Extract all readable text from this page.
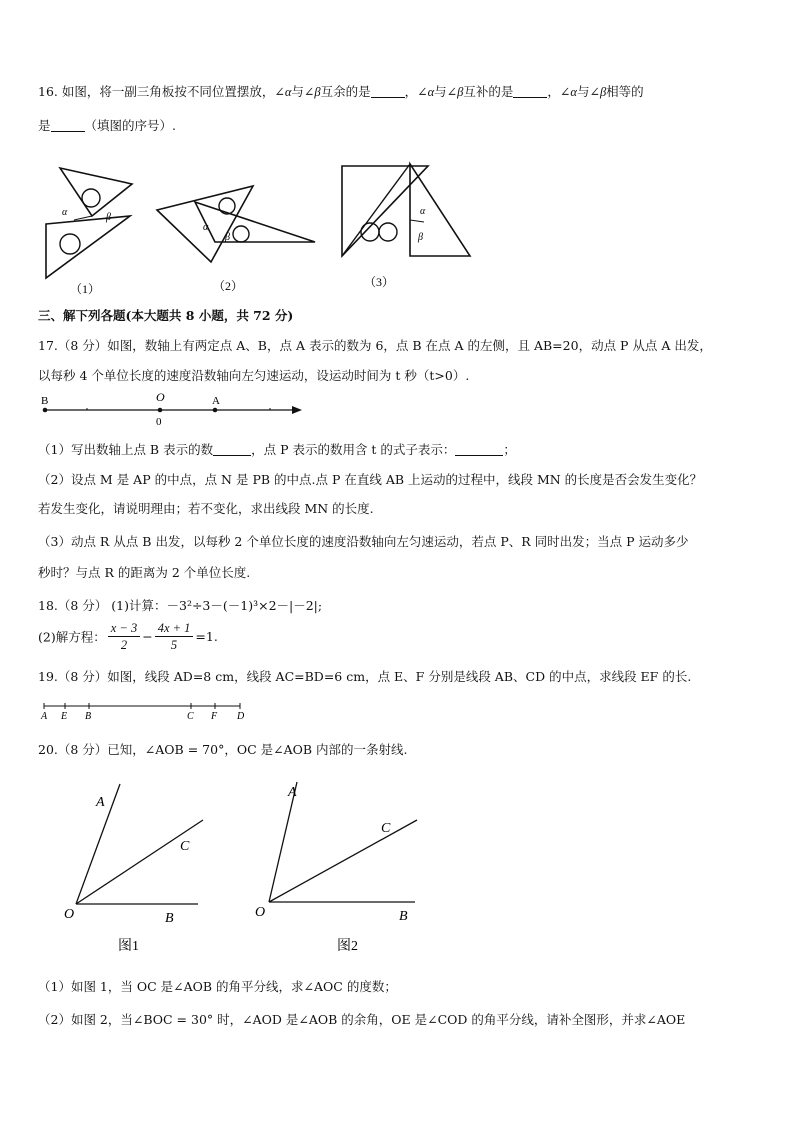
16. 如图，将一副三角板按不同位置摆放，∠α与∠β互余的是	，∠α与∠β互补的是	，∠α与∠β相等的
是	（填图的序号）.
α	β
（1）
α
β
（2）
α
β
（3）
三、解下列各题(本大题共 8 小题，共 72 分)
17.（8 分）如图，数轴上有两定点 A、B，点 A 表示的数为 6，点 B 在点 A 的左侧，且 AB=20，动点 P 从点 A 出发，
以每秒 4 个单位长度的速度沿数轴向左匀速运动，设运动时间为 t 秒（t>0）.
B	O
0
A
（1）写出数轴上点 B 表示的数	，点 P 表示的数用含 t 的式子表示：	；
（2）设点 M 是 AP 的中点，点 N 是 PB 的中点.点 P 在直线 AB 上运动的过程中，线段 MN 的长度是否会发生变化？
若发生变化，请说明理由；若不变化，求出线段 MN 的长度.
（3）动点 R 从点 B 出发，以每秒 2 个单位长度的速度沿数轴向左匀速运动，若点 P、R 同时出发；当点 P 运动多少
秒时？与点 R 的距离为 2 个单位长度.
18.（8 分） (1)计算：－3²÷3－(－1)³×2－|－2|;
(2)解方程： $\frac{x - 3}{2} - \frac{4x + 1}{5} =1$.
19.（8 分）如图，线段 AD=8 cm，线段 AC=BD=6 cm，点 E、F 分别是线段 AB、CD 的中点，求线段 EF 的长.
A E B	C F D
20.（8 分）已知，∠AOB = 70°，OC 是∠AOB 内部的一条射线.
A
C
O	B
图1
A
C
O	B
图2
（1）如图 1，当 OC 是∠AOB 的角平分线，求∠AOC 的度数；
（2）如图 2，当∠BOC = 30° 时，∠AOD 是∠AOB 的余角，OE 是∠COD 的角平分线，请补全图形，并求∠AOE
